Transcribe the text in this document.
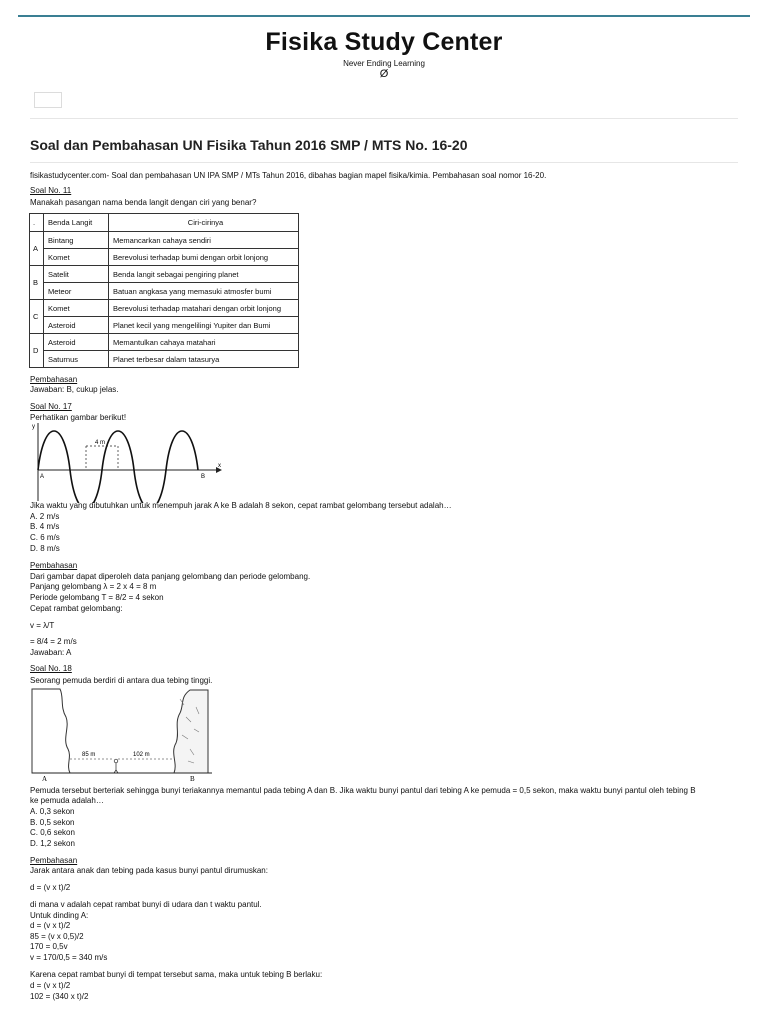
Fisika Study Center
Never Ending Learning
Ø
Soal dan Pembahasan UN Fisika Tahun 2016 SMP / MTS No. 16-20
fisikastudycenter.com- Soal dan pembahasan UN IPA SMP / MTs Tahun 2016, dibahas bagian mapel fisika/kimia. Pembahasan soal nomor 16-20.
Soal No. 11
Manakah pasangan nama benda langit dengan ciri yang benar?
.	Benda Langit	Ciri-cirinya
A	Bintang	Memancarkan cahaya sendiri
	Komet	Berevolusi terhadap bumi dengan orbit lonjong
B	Satelit	Benda langit sebagai pengiring planet
	Meteor	Batuan angkasa yang memasuki atmosfer bumi
C	Komet	Berevolusi terhadap matahari dengan orbit lonjong
	Asteroid	Planet kecil yang mengelilingi Yupiter dan Bumi
D	Asteroid	Memantulkan cahaya matahari
	Saturnus	Planet terbesar dalam tatasurya
Pembahasan
Jawaban: B, cukup jelas.
Soal No. 17
Perhatikan gambar berikut!
4 m
y
x
A	B
Jika waktu yang dibutuhkan untuk menempuh jarak A ke B adalah 8 sekon, cepat rambat gelombang tersebut adalah…
A. 2 m/s
B. 4 m/s
C. 6 m/s
D. 8 m/s
Pembahasan
Dari gambar dapat diperoleh data panjang gelombang dan periode gelombang.
Panjang gelombang λ = 2 x 4 = 8 m
Periode gelombang T = 8/2 = 4 sekon
Cepat rambat gelombang:
v = λ/T
= 8/4 = 2 m/s
Jawaban: A
Soal No. 18
Seorang pemuda berdiri di antara dua tebing tinggi.
85 m	102 m
A	B
Pemuda tersebut berteriak sehingga bunyi teriakannya memantul pada tebing A dan B. Jika waktu bunyi pantul dari tebing A ke pemuda = 0,5 sekon, maka waktu bunyi pantul oleh tebing B
ke pemuda adalah…
A. 0,3 sekon
B. 0,5 sekon
C. 0,6 sekon
D. 1,2 sekon
Pembahasan
Jarak antara anak dan tebing pada kasus bunyi pantul dirumuskan:
d = (v x t)/2
di mana v adalah cepat rambat bunyi di udara dan t waktu pantul.
Untuk dinding A:
d = (v x t)/2
85 = (v x 0,5)/2
170 = 0,5v
v = 170/0,5 = 340 m/s
Karena cepat rambat bunyi di tempat tersebut sama, maka untuk tebing B berlaku:
d = (v x t)/2
102 = (340 x t)/2
